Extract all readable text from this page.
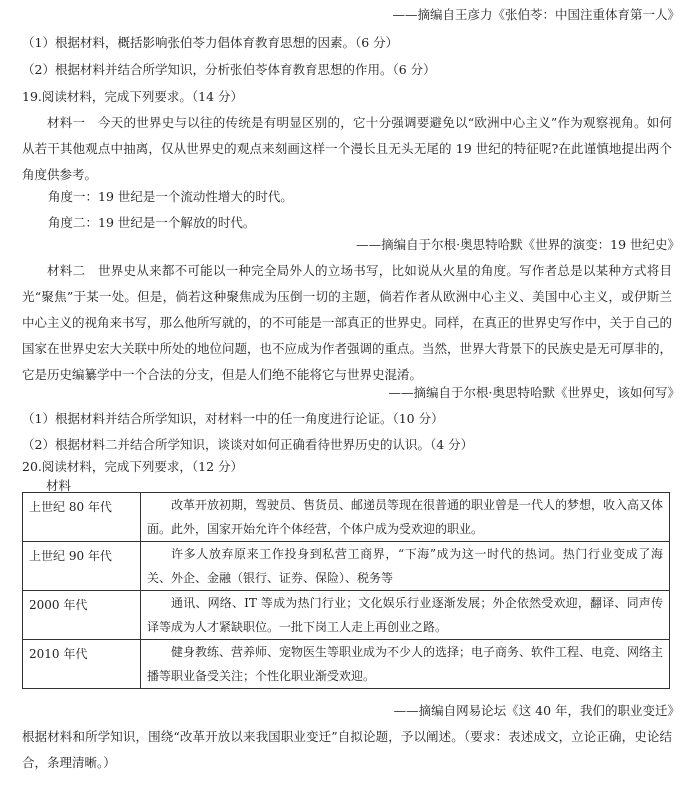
——摘编自王彦力《张伯苓：中国注重体育第一人》
（1）根据材料，概括影响张伯苓力倡体育教育思想的因素。（6 分）
（2）根据材料并结合所学知识，分析张伯苓体育教育思想的作用。（6 分）
19.阅读材料，完成下列要求。（14 分）
材料一　今天的世界史与以往的传统是有明显区别的，它十分强调要避免以“欧洲中心主义”作为观察视角。如何从若干其他观点中抽离，仅从世界史的观点来刻画这样一个漫长且无头无尾的 19 世纪的特征呢?在此谨慎地提出两个角度供参考。
角度一：19 世纪是一个流动性增大的时代。
角度二：19 世纪是一个解放的时代。
——摘编自于尔根·奥思特哈默《世界的演变：19 世纪史》
材料二　世界史从来都不可能以一种完全局外人的立场书写，比如说从火星的角度。写作者总是以某种方式将目光“聚焦”于某一处。但是，倘若这种聚焦成为压倒一切的主题，倘若作者从欧洲中心主义、美国中心主义，或伊斯兰中心主义的视角来书写，那么他所写就的，的不可能是一部真正的世界史。同样，在真正的世界史写作中，关于自己的国家在世界史宏大关联中所处的地位问题，也不应成为作者强调的重点。当然，世界大背景下的民族史是无可厚非的，它是历史编纂学中一个合法的分支，但是人们绝不能将它与世界史混淆。
——摘编自于尔根·奥思特哈默《世界史，该如何写》
（1）根据材料并结合所学知识，对材料一中的任一角度进行论证。（10 分）
（2）根据材料二并结合所学知识，谈谈对如何正确看待世界历史的认识。（4 分）
20.阅读材料，完成下列要求，（12 分）
材料
上世纪 80 年代	改革开放初期，驾驶员、售货员、邮递员等现在很普通的职业曾是一代人的梦想，收入高又体面。此外，国家开始允许个体经营，个体户成为受欢迎的职业。
上世纪 90 年代	许多人放弃原来工作投身到私营工商界，“下海”成为这一时代的热词。热门行业变成了海关、外企、金融（银行、证券、保险）、税务等
2000 年代	通讯、网络、IT 等成为热门行业；文化娱乐行业逐渐发展；外企依然受欢迎，翻译、同声传译等成为人才紧缺职位。一批下岗工人走上再创业之路。
2010 年代	健身教练、营养师、宠物医生等职业成为不少人的选择；电子商务、软件工程、电竞、网络主播等职业备受关注；个性化职业渐受欢迎。
——摘编自网易论坛《这 40 年，我们的职业变迁》
根据材料和所学知识，围绕“改革开放以来我国职业变迁”自拟论题，予以阐述。（要求：表述成文，立论正确，史论结合，条理清晰。）
